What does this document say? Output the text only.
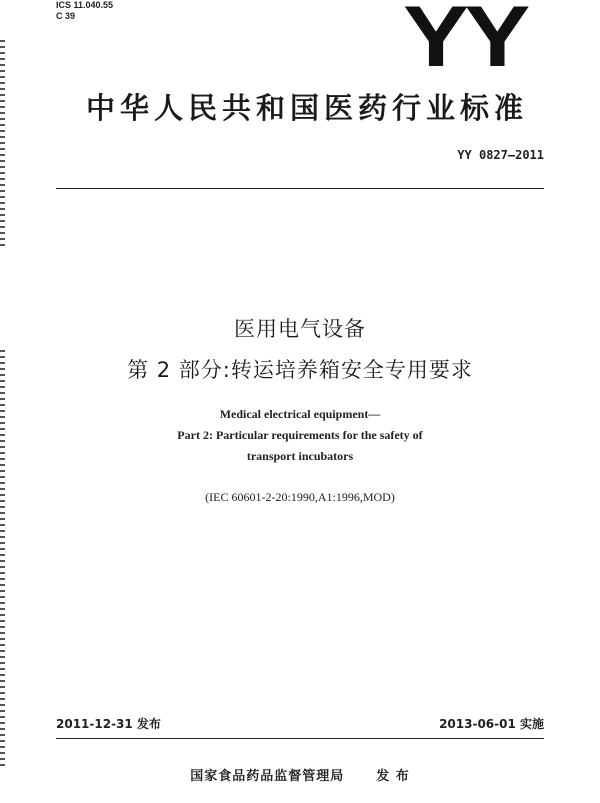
ICS 11.040.55
C 39	YY
中华人民共和国医药行业标准
YY 0827—2011
医用电气设备
第 2 部分:转运培养箱安全专用要求
Medical electrical equipment—
Part 2: Particular requirements for the safety of
transport incubators
(IEC 60601-2-20:1990,A1:1996,MOD)
2011-12-31 发布	2013-06-01 实施
国家食品药品监督管理局 发 布
